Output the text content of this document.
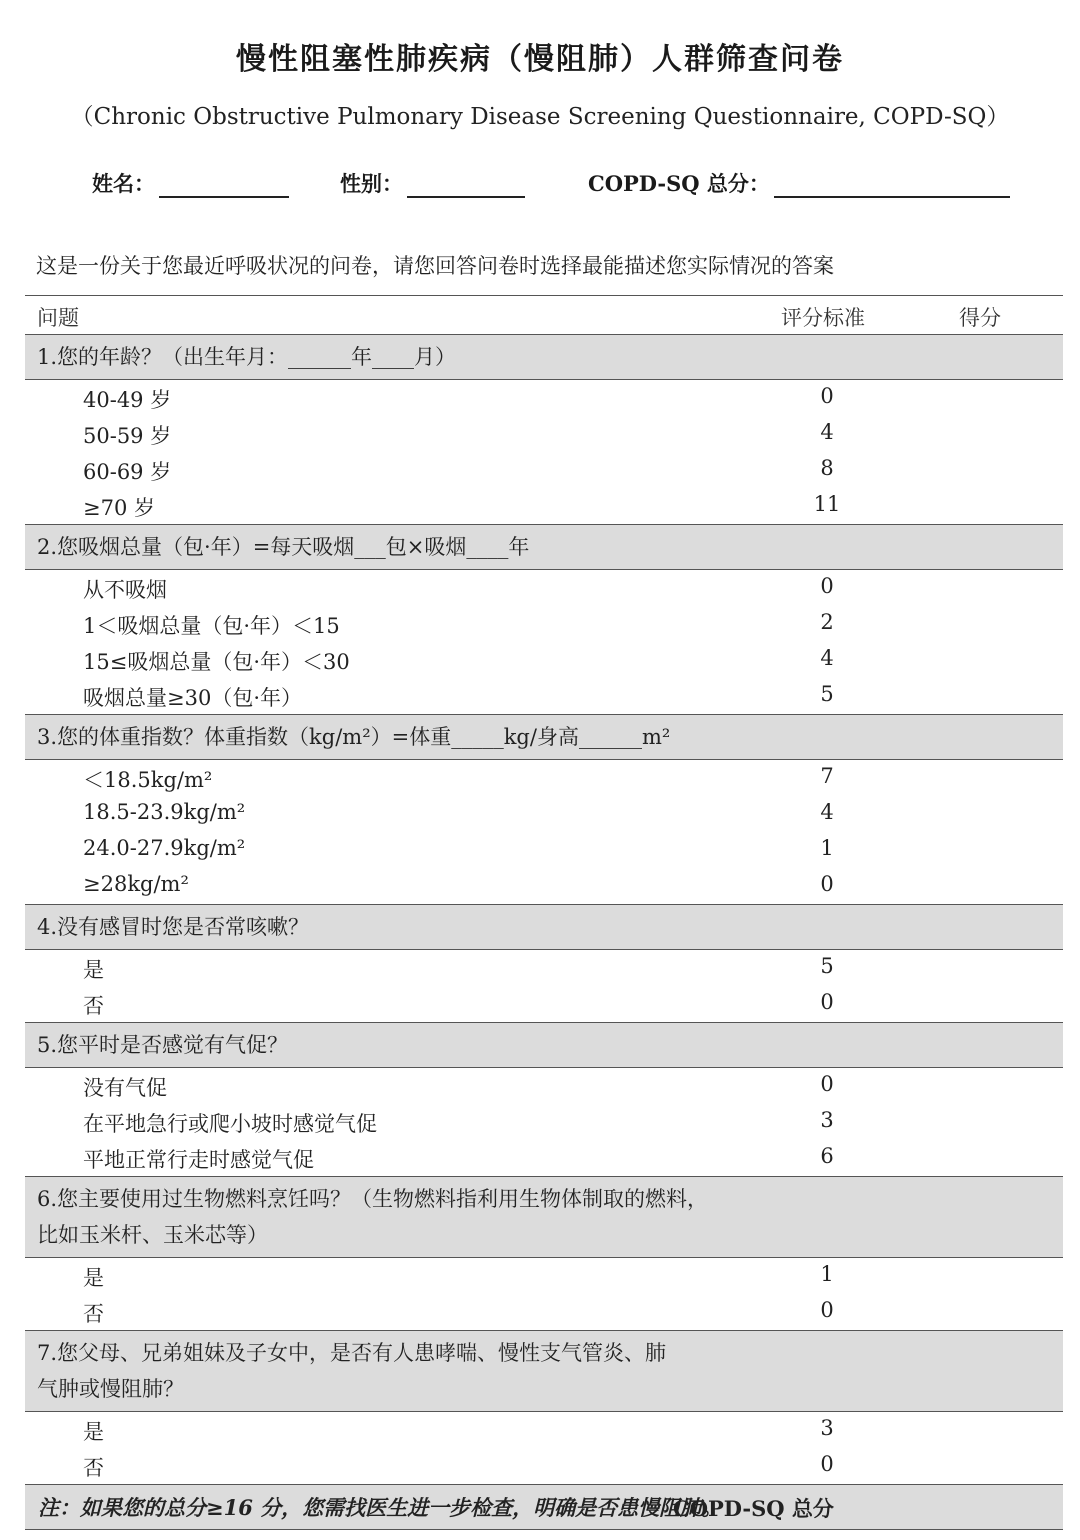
慢性阻塞性肺疾病（慢阻肺）人群筛查问卷
（Chronic Obstructive Pulmonary Disease Screening Questionnaire, COPD-SQ）
姓名：	性别：	COPD-SQ 总分：
这是一份关于您最近呼吸状况的问卷，请您回答问卷时选择最能描述您实际情况的答案
问题	评分标准	得分
1.您的年龄？（出生年月：______年____月）
40-49 岁	0
50-59 岁	4
60-69 岁	8
≥70 岁	11
2.您吸烟总量（包·年）=每天吸烟___包×吸烟____年
从不吸烟	0
1＜吸烟总量（包·年）＜15	2
15≤吸烟总量（包·年）＜30	4
吸烟总量≥30（包·年）	5
3.您的体重指数？体重指数（kg/m²）=体重_____kg/身高______m²
＜18.5kg/m²	7
18.5-23.9kg/m²	4
24.0-27.9kg/m²	1
≥28kg/m²	0
4.没有感冒时您是否常咳嗽？
是	5
否	0
5.您平时是否感觉有气促？
没有气促	0
在平地急行或爬小坡时感觉气促	3
平地正常行走时感觉气促	6
6.您主要使用过生物燃料烹饪吗？（生物燃料指利用生物体制取的燃料，
比如玉米杆、玉米芯等）
是	1
否	0
7.您父母、兄弟姐妹及子女中，是否有人患哮喘、慢性支气管炎、肺
气肿或慢阻肺？
是	3
否	0
COPD-SQ 总分
注：如果您的总分≥16 分，您需找医生进一步检查，明确是否患慢阻肺。
